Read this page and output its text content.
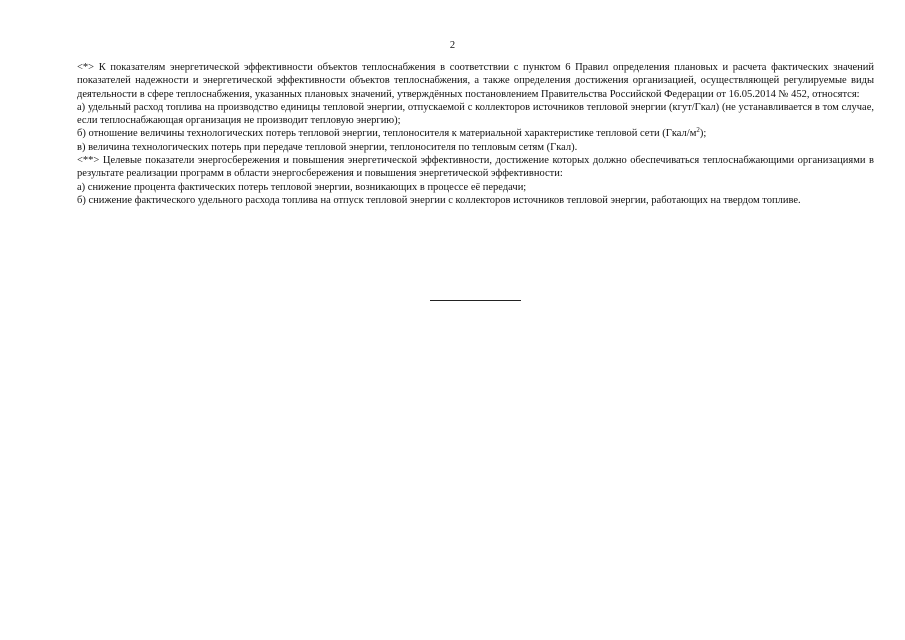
2

<*> К показателям энергетической эффективности объектов теплоснабжения в соответствии с пунктом 6 Правил определения плановых и расчета фактических значений показателей надежности и энергетической эффективности объектов теплоснабжения, а также определения достижения организацией, осуществляющей регулируемые виды деятельности в сфере теплоснабжения, указанных плановых значений, утверждённых постановлением Правительства Российской Федерации от 16.05.2014 № 452, относятся:

а) удельный расход топлива на производство единицы тепловой энергии, отпускаемой с коллекторов источников тепловой энергии (кгут/Гкал) (не устанавливается в том случае, если теплоснабжающая организация не производит тепловую энергию);

б) отношение величины технологических потерь тепловой энергии, теплоносителя к материальной характеристике тепловой сети $(Гкал/м^2)$;

в) величина технологических потерь при передаче тепловой энергии, теплоносителя по тепловым сетям (Гкал).

<**> Целевые показатели энергосбережения и повышения энергетической эффективности, достижение которых должно обеспечиваться теплоснабжающими организациями в результате реализации программ в области энергосбережения и повышения энергетической эффективности:

а) снижение процента фактических потерь тепловой энергии, возникающих в процессе её передачи;

б) снижение фактического удельного расхода топлива на отпуск тепловой энергии с коллекторов источников тепловой энергии, работающих на твердом топливе.
